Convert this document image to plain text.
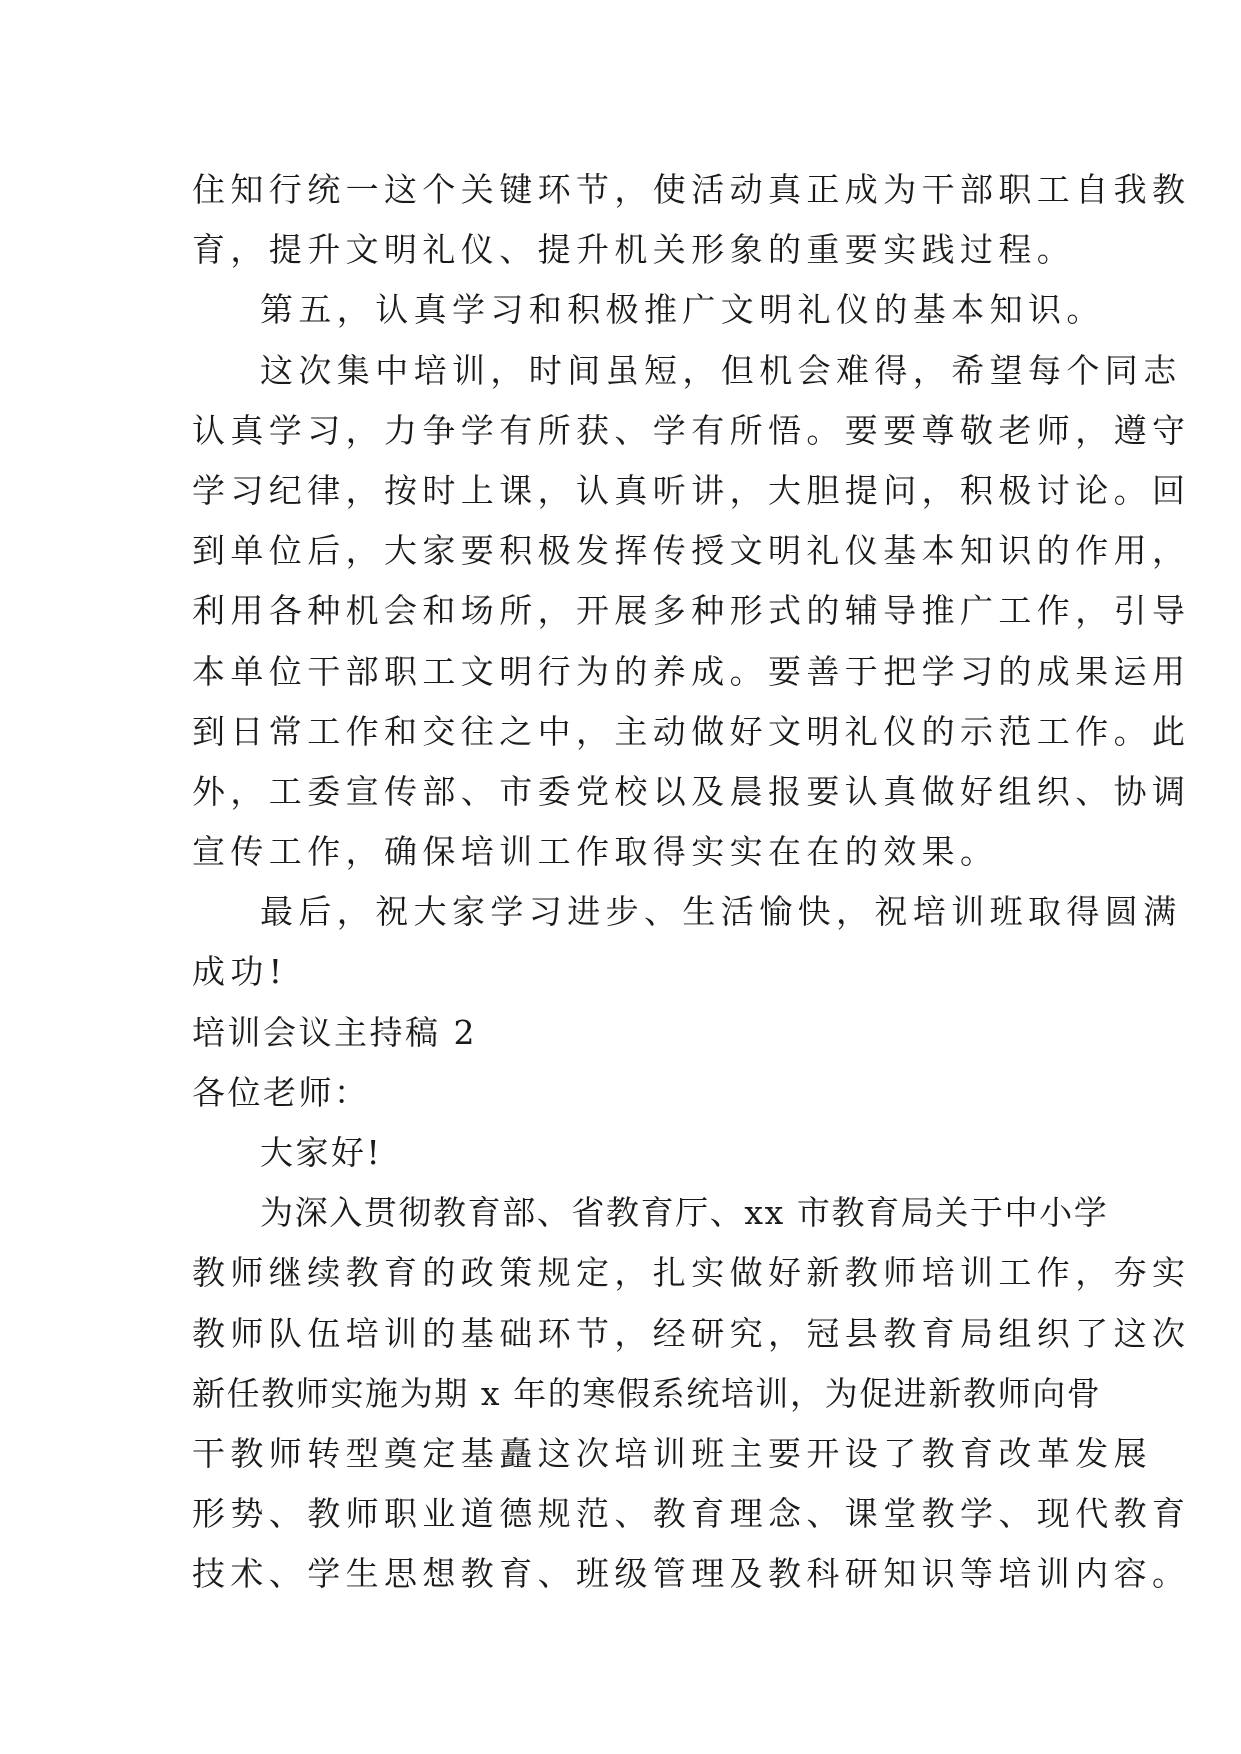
住知行统一这个关键环节，使活动真正成为干部职工自我教
育，提升文明礼仪、提升机关形象的重要实践过程。
第五，认真学习和积极推广文明礼仪的基本知识。
这次集中培训，时间虽短，但机会难得，希望每个同志
认真学习，力争学有所获、学有所悟。要要尊敬老师，遵守
学习纪律，按时上课，认真听讲，大胆提问，积极讨论。回
到单位后，大家要积极发挥传授文明礼仪基本知识的作用，
利用各种机会和场所，开展多种形式的辅导推广工作，引导
本单位干部职工文明行为的养成。要善于把学习的成果运用
到日常工作和交往之中，主动做好文明礼仪的示范工作。此
外，工委宣传部、市委党校以及晨报要认真做好组织、协调
宣传工作，确保培训工作取得实实在在的效果。
最后，祝大家学习进步、生活愉快，祝培训班取得圆满
成功!
培训会议主持稿 2
各位老师：
大家好!
为深入贯彻教育部、省教育厅、xx 市教育局关于中小学
教师继续教育的政策规定，扎实做好新教师培训工作，夯实
教师队伍培训的基础环节，经研究，冠县教育局组织了这次
新任教师实施为期 x 年的寒假系统培训，为促进新教师向骨
干教师转型奠定基矗这次培训班主要开设了教育改革发展
形势、教师职业道德规范、教育理念、课堂教学、现代教育
技术、学生思想教育、班级管理及教科研知识等培训内容。
